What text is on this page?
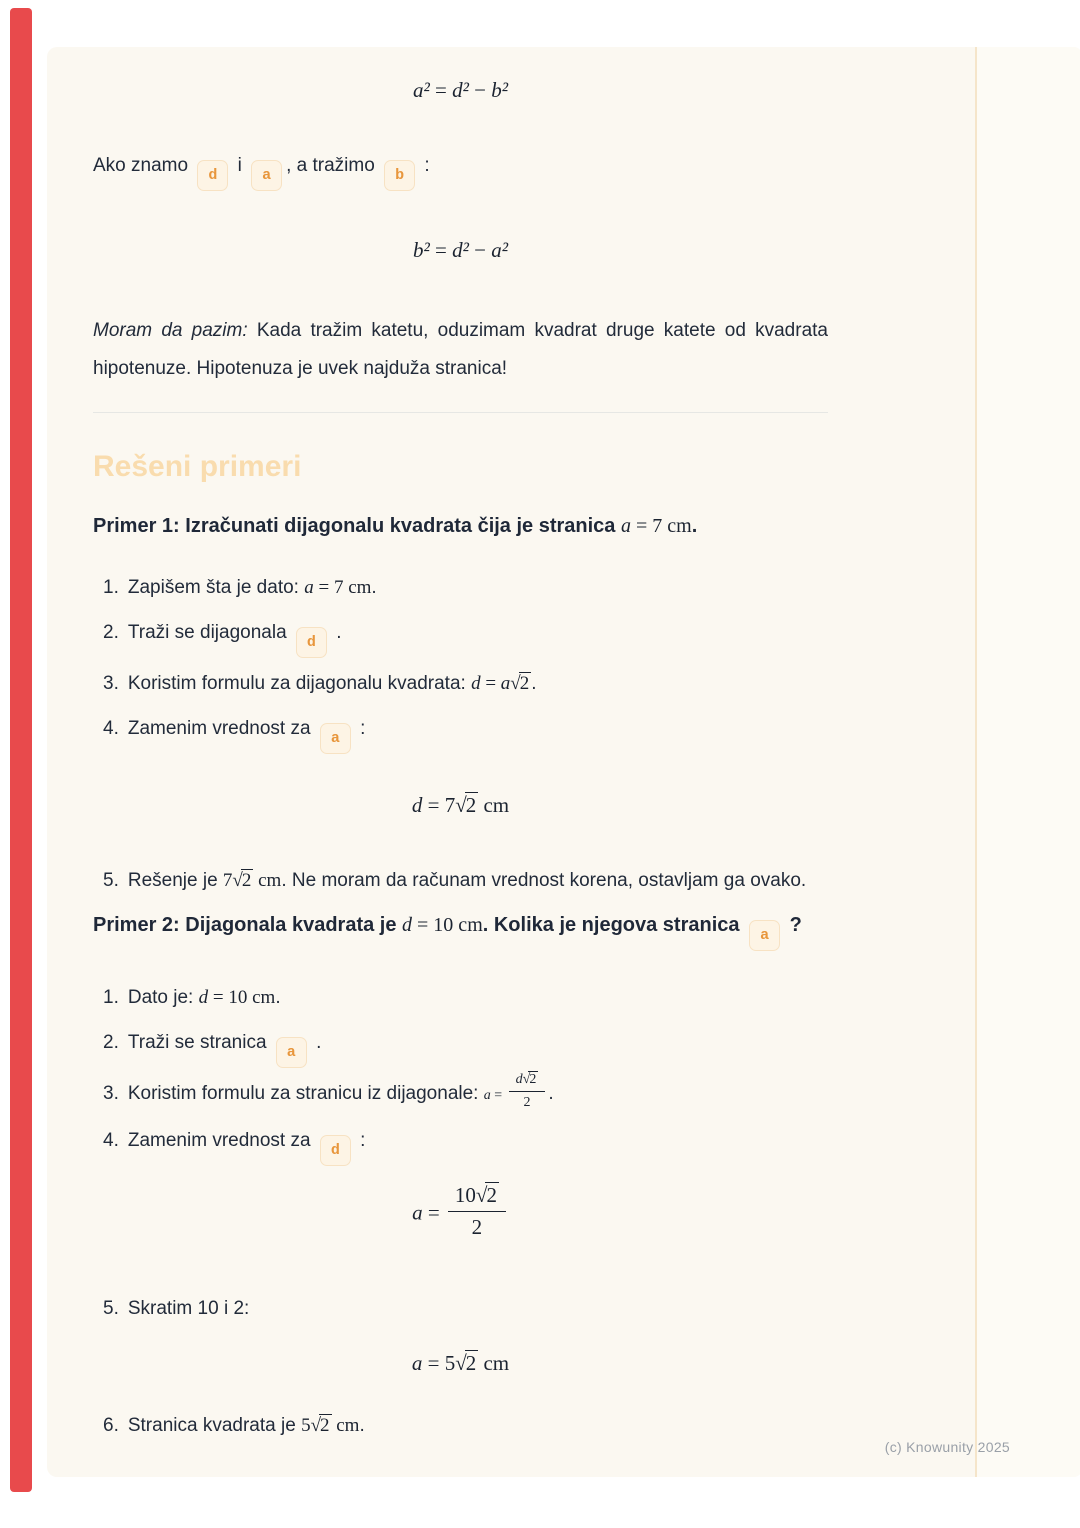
a² = d² − b²

Ako znamo d i a , a tražimo b :

b² = d² − a²

Moram da pazim: Kada tražim katetu, oduzimam kvadrat druge katete od kvadrata hipotenuze. Hipotenuza je uvek najduža stranica!

Rešeni primeri

Primer 1: Izračunati dijagonalu kvadrata čija je stranica a = 7 cm.

1. Zapišem šta je dato: a = 7 cm.
2. Traži se dijagonala d .
3. Koristim formulu za dijagonalu kvadrata: d = a√2 .
4. Zamenim vrednost za a :
d = 7√2 cm
5. Rešenje je 7√2 cm. Ne moram da računam vrednost korena, ostavljam ga ovako.

Primer 2: Dijagonala kvadrata je d = 10 cm. Kolika je njegova stranica a ?

1. Dato je: d = 10 cm.
2. Traži se stranica a .
3. Koristim formulu za stranicu iz dijagonale: $a = \frac{d√2}{2}$ .
4. Zamenim vrednost za d :
$a = \frac{10√2}{2}$
5. Skratim 10 i 2:
a = 5√2 cm
6. Stranica kvadrata je 5√2 cm.
(c) Knowunity 2025
